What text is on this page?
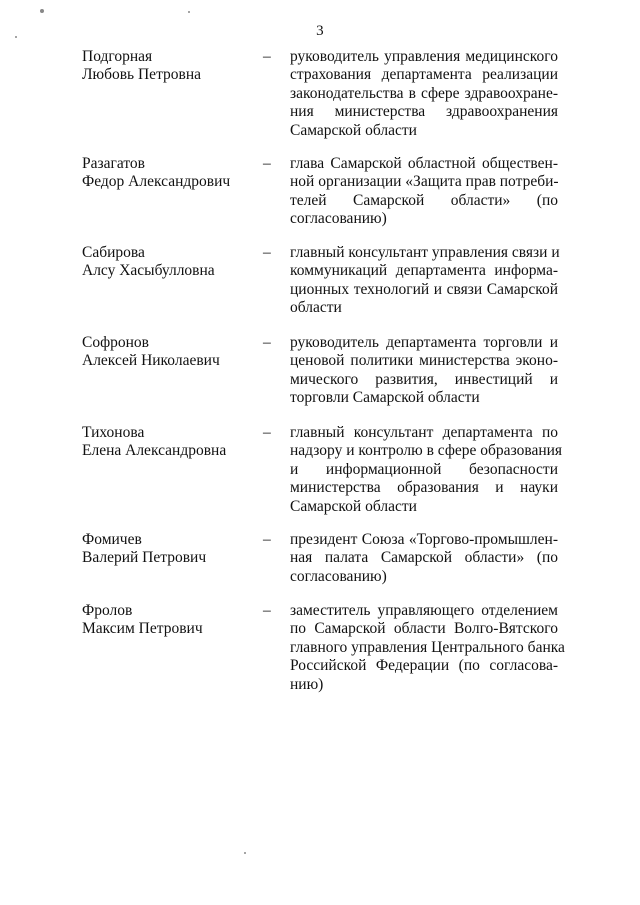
3
Подгорная
Любовь Петровна
–	руководитель управления медицинского
страхования департамента реализации
законодательства в сфере здравоохране-
ния министерства здравоохранения
Самарской области
Разагатов
Федор Александрович
–	глава Самарской областной обществен-
ной организации «Защита прав потреби-
телей Самарской области» (по
согласованию)
Сабирова
Алсу Хасыбулловна
–	главный консультант управления связи и
коммуникаций департамента информа-
ционных технологий и связи Самарской
области
Софронов
Алексей Николаевич
–	руководитель департамента торговли и
ценовой политики министерства эконо-
мического развития, инвестиций и
торговли Самарской области
Тихонова
Елена Александровна
–	главный консультант департамента по
надзору и контролю в сфере образования
и информационной безопасности
министерства образования и науки
Самарской области
Фомичев
Валерий Петрович
–	президент Союза «Торгово-промышлен-
ная палата Самарской области» (по
согласованию)
Фролов
Максим Петрович
–	заместитель управляющего отделением
по Самарской области Волго-Вятского
главного управления Центрального банка
Российской Федерации (по согласова-
нию)
